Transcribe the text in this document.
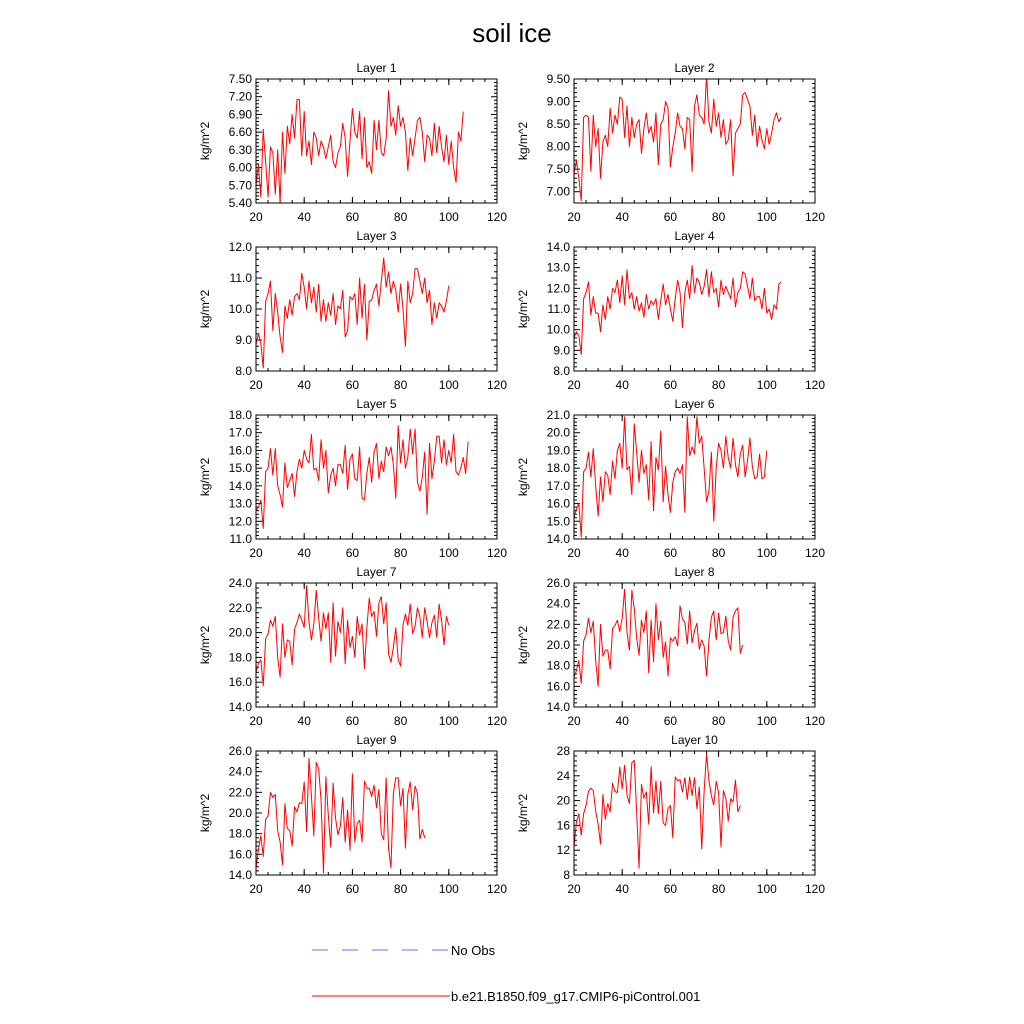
soil ice
Layer 1
kg/m^2
20	40	60	80	100 120
5.40
5.70
6.00
6.30
6.60
6.90
7.20
7.50
Layer 2
kg/m^2
20	40	60	80	100 120
7.00
7.50
8.00
8.50
9.00
9.50
Layer 3
kg/m^2
20	40	60	80	100 120
8.0
9.0
10.0
11.0
12.0
Layer 4
kg/m^2
20	40	60	80	100 120
8.0
9.0
10.0
11.0
12.0
13.0
14.0
Layer 5
kg/m^2
20	40	60	80	100 120
11.0
12.0
13.0
14.0
15.0
16.0
17.0
18.0
Layer 6
kg/m^2
20	40	60	80	100 120
14.0
15.0
16.0
17.0
18.0
19.0
20.0
21.0
Layer 7
kg/m^2
20	40	60	80	100 120
14.0
16.0
18.0
20.0
22.0
24.0
Layer 8
kg/m^2
20	40	60	80	100 120
14.0
16.0
18.0
20.0
22.0
24.0
26.0
Layer 9
kg/m^2
20	40	60	80	100 120
14.0
16.0
18.0
20.0
22.0
24.0
26.0
Layer 10
kg/m^2
20	40	60	80	100 120
8
12
16
20
24
28
No Obs
b.e21.B1850.f09_g17.CMIP6-piControl.001
